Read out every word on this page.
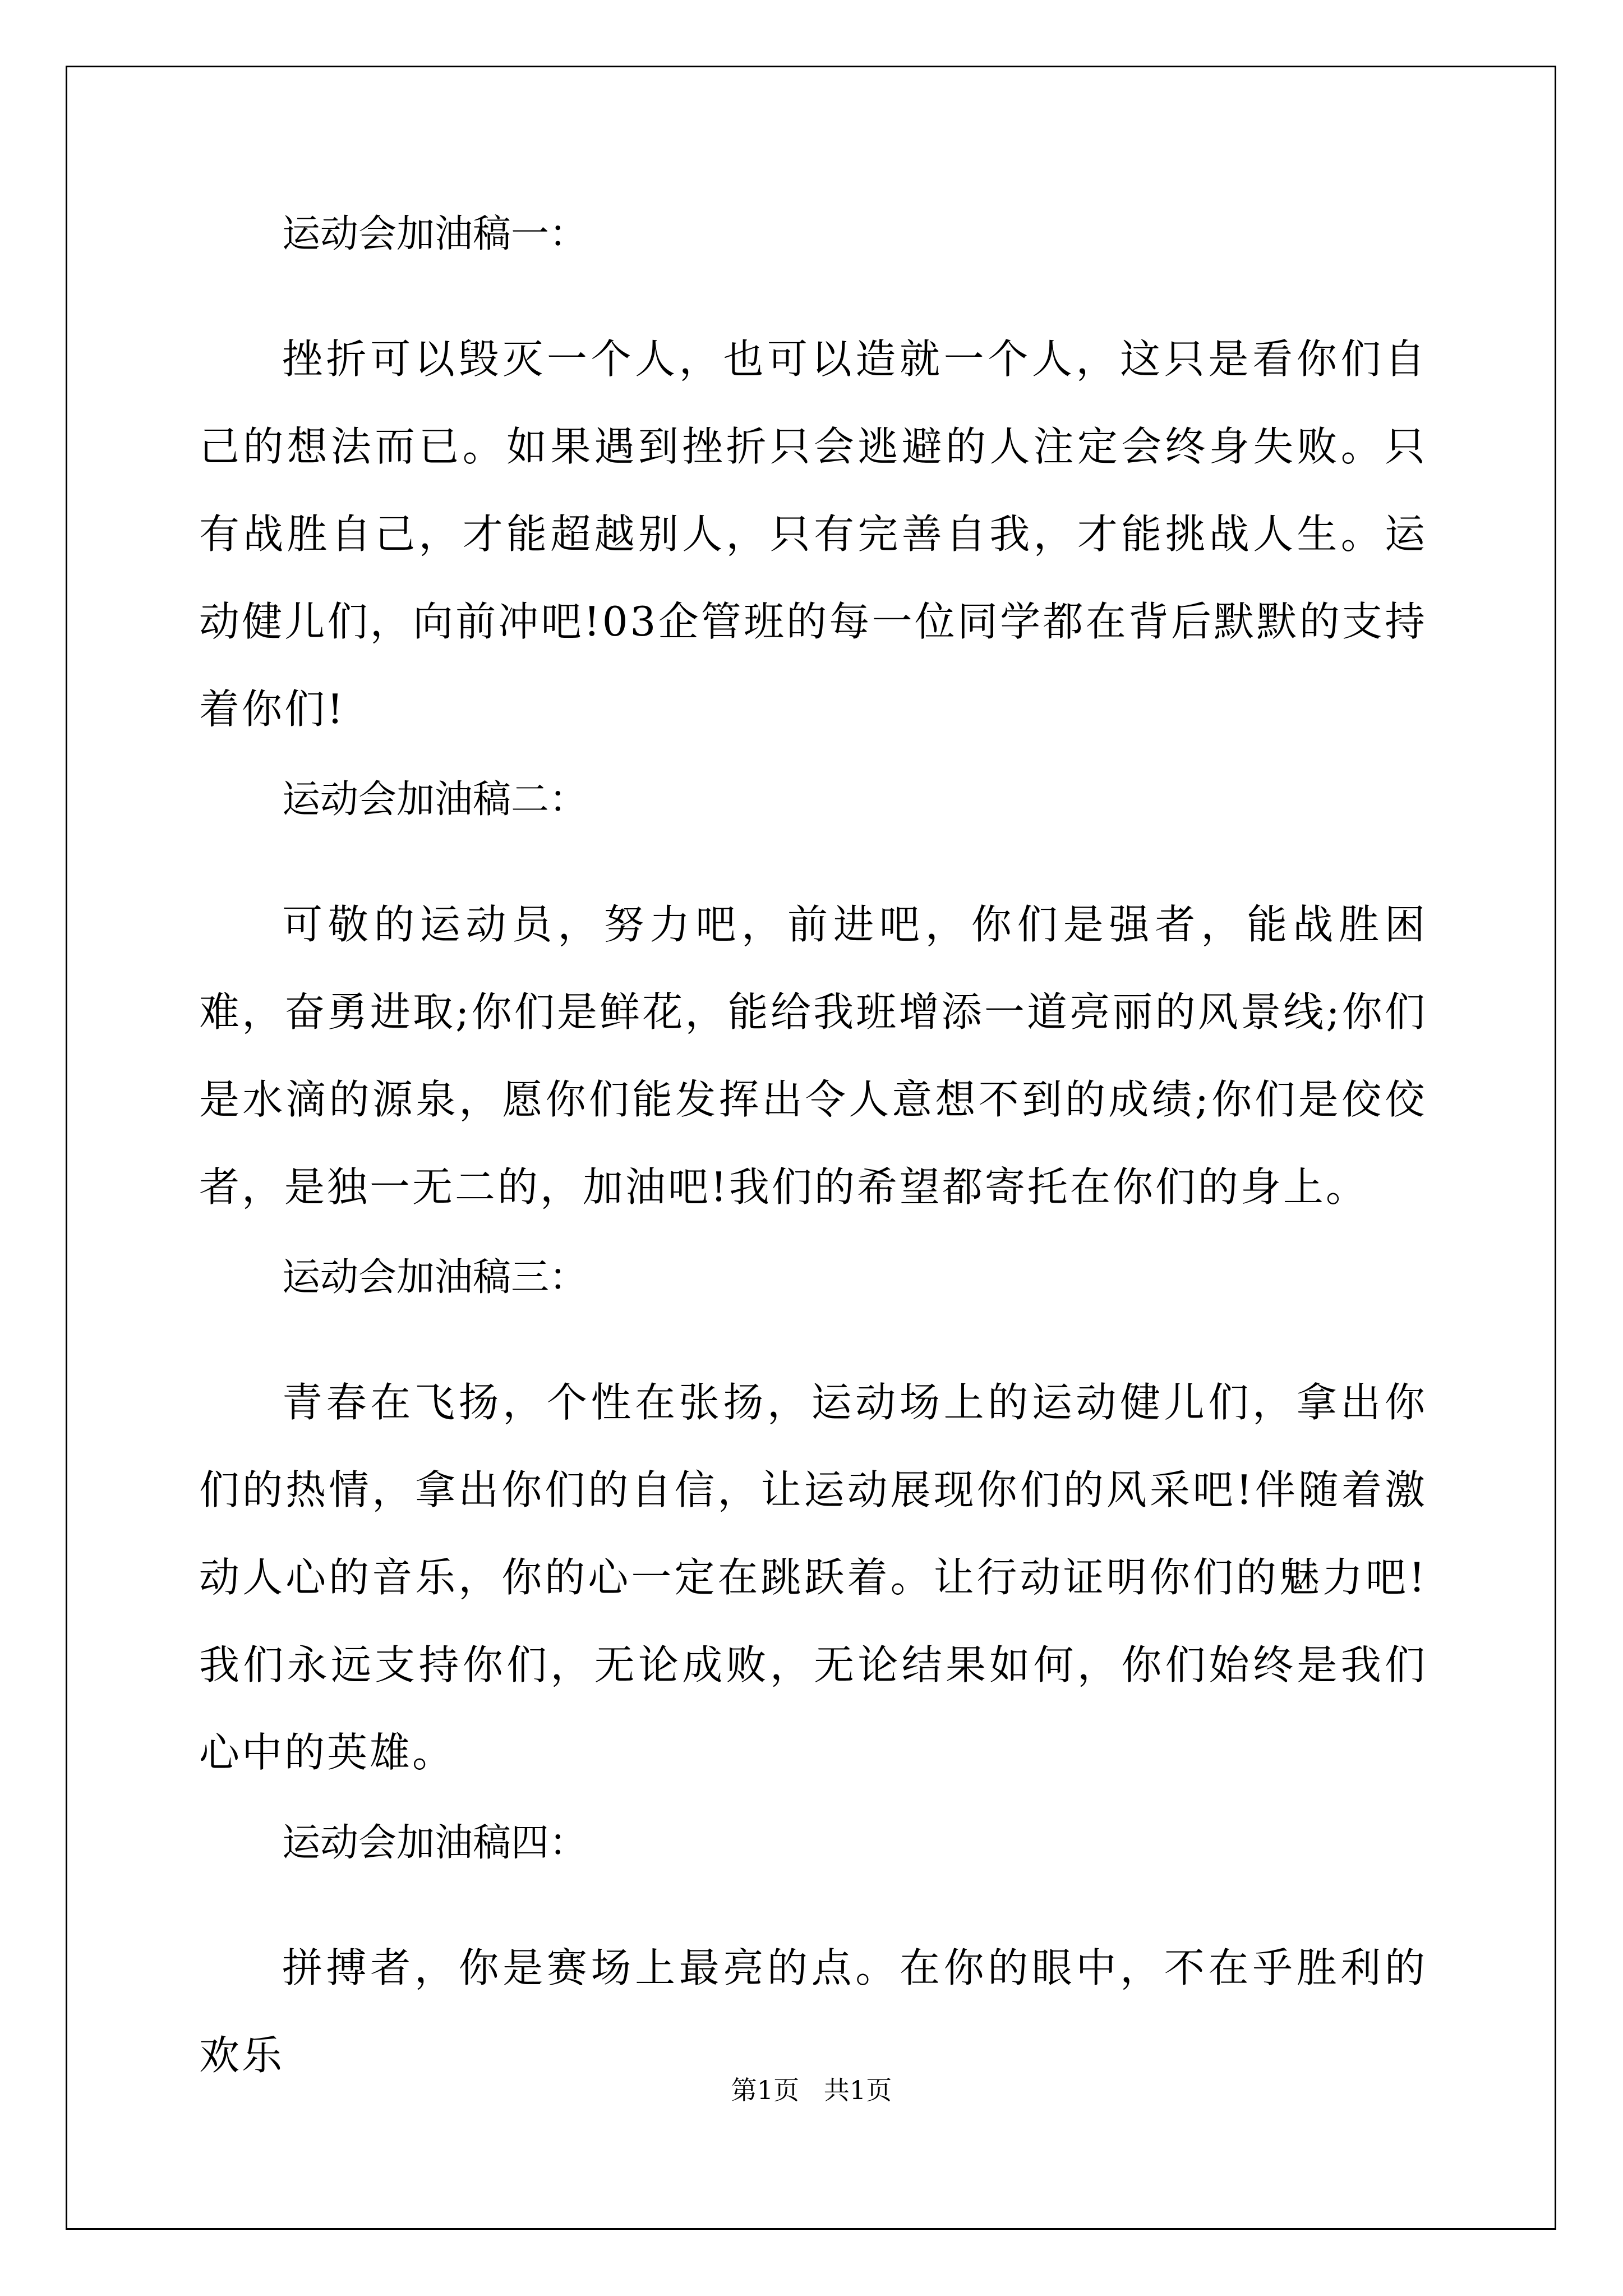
运动会加油稿一：

挫折可以毁灭一个人，也可以造就一个人，这只是看你们自己的想法而已。如果遇到挫折只会逃避的人注定会终身失败。只有战胜自己，才能超越别人，只有完善自我，才能挑战人生。运动健儿们，向前冲吧!03企管班的每一位同学都在背后默默的支持着你们!

运动会加油稿二：

可敬的运动员，努力吧，前进吧，你们是强者，能战胜困难，奋勇进取;你们是鲜花，能给我班增添一道亮丽的风景线;你们是水滴的源泉，愿你们能发挥出令人意想不到的成绩;你们是佼佼者，是独一无二的，加油吧!我们的希望都寄托在你们的身上。

运动会加油稿三：

青春在飞扬，个性在张扬，运动场上的运动健儿们，拿出你们的热情，拿出你们的自信，让运动展现你们的风采吧!伴随着激动人心的音乐，你的心一定在跳跃着。让行动证明你们的魅力吧!我们永远支持你们，无论成败，无论结果如何，你们始终是我们心中的英雄。

运动会加油稿四：

拼搏者，你是赛场上最亮的点。在你的眼中，不在乎胜利的欢乐

第1页   共1页
